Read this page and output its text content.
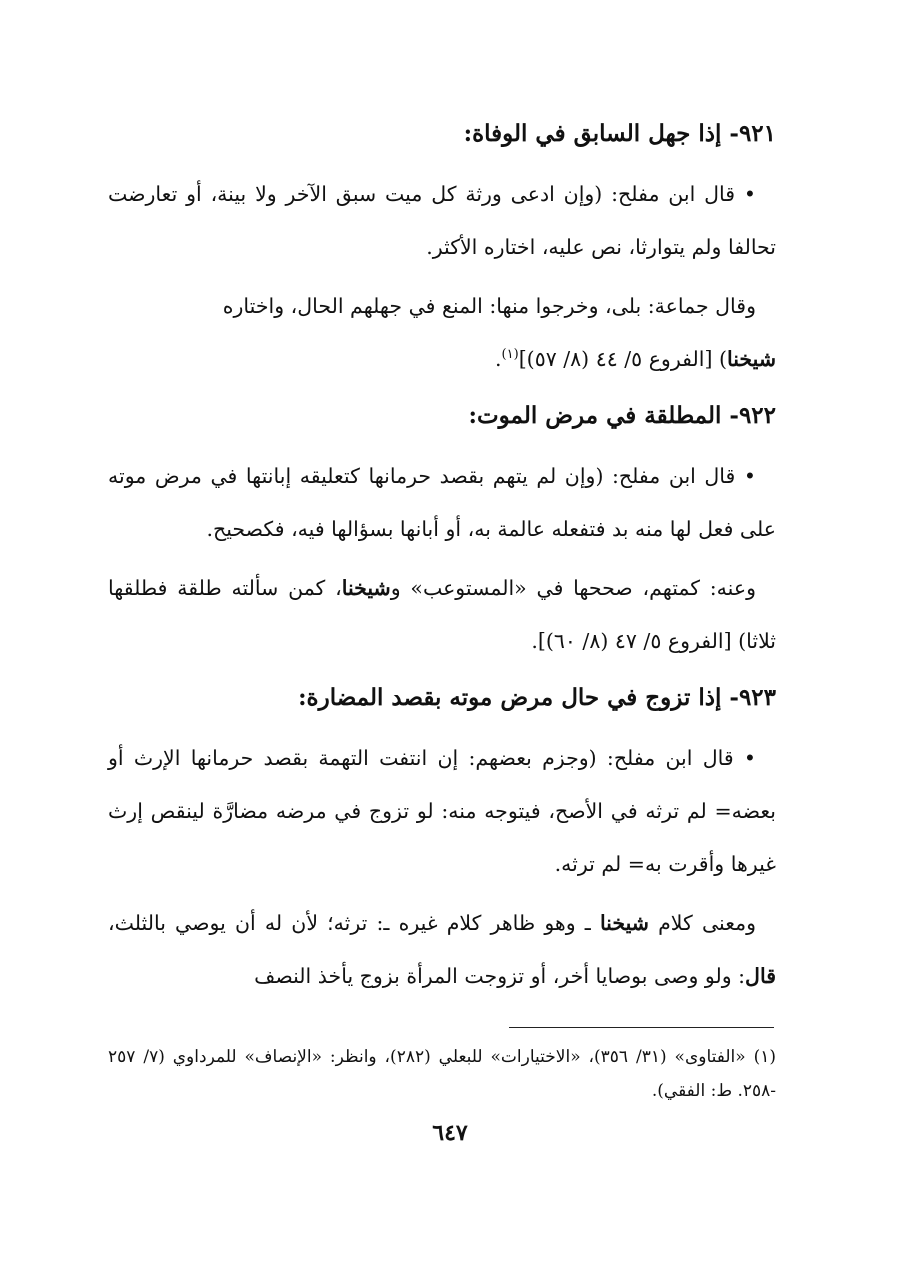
٩٢١- إذا جهل السابق في الوفاة:

• قال ابن مفلح: (وإن ادعى ورثة كل ميت سبق الآخر ولا بينة، أو تعارضت تحالفا ولم يتوارثا، نص عليه، اختاره الأكثر.

وقال جماعة: بلى، وخرجوا منها: المنع في جهلهم الحال، واختاره
شيخنا) [الفروع ٥/ ٤٤ (٨/ ٥٧)]$^{(١)}$.

٩٢٢- المطلقة في مرض الموت:

• قال ابن مفلح: (وإن لم يتهم بقصد حرمانها كتعليقه إبانتها في مرض موته على فعل لها منه بد فتفعله عالمة به، أو أبانها بسؤالها فيه، فكصحيح.

وعنه: كمتهم، صححها في «المستوعب» وشيخنا، كمن سألته طلقة فطلقها ثلاثا) [الفروع ٥/ ٤٧ (٨/ ٦٠)].

٩٢٣- إذا تزوج في حال مرض موته بقصد المضارة:

• قال ابن مفلح: (وجزم بعضهم: إن انتفت التهمة بقصد حرمانها الإرث أو بعضه= لم ترثه في الأصح، فيتوجه منه: لو تزوج في مرضه مضارَّة لينقص إرث غيرها وأقرت به= لم ترثه.

ومعنى كلام شيخنا ـ وهو ظاهر كلام غيره ـ: ترثه؛ لأن له أن يوصي بالثلث، قال: ولو وصى بوصايا أخر، أو تزوجت المرأة بزوج يأخذ النصف

(١) «الفتاوى» (٣١/ ٣٥٦)، «الاختيارات» للبعلي (٢٨٢)، وانظر: «الإنصاف» للمرداوي (٧/ ٢٥٧ -٢٥٨. ط: الفقي).
٦٤٧
